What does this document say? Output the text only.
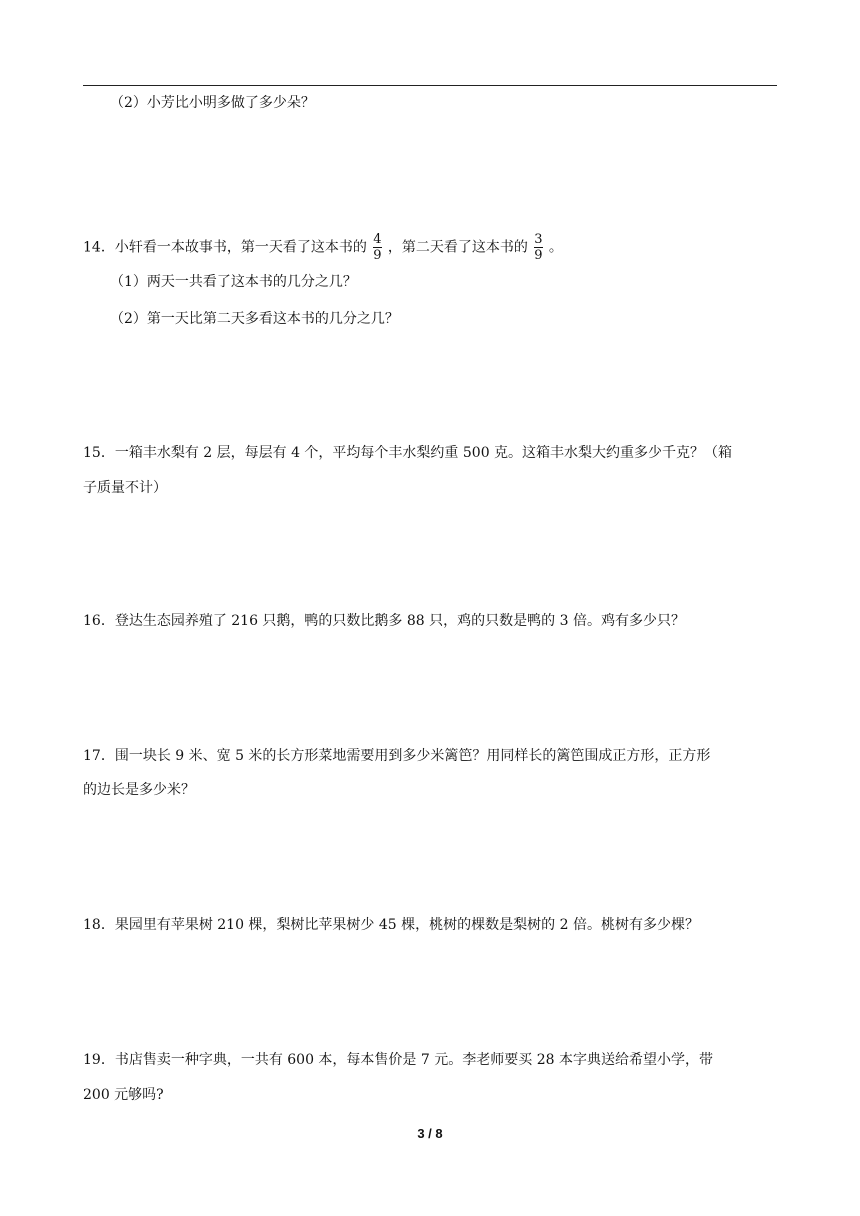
（2）小芳比小明多做了多少朵？
14．小轩看一本故事书，第一天看了这本书的 $\frac{4}{9}$ ，第二天看了这本书的 $\frac{3}{9}$ 。
（1）两天一共看了这本书的几分之几？
（2）第一天比第二天多看这本书的几分之几？
15．一箱丰水梨有 2 层，每层有 4 个，平均每个丰水梨约重 500 克。这箱丰水梨大约重多少千克？（箱
子质量不计）
16．登达生态园养殖了 216 只鹅，鸭的只数比鹅多 88 只，鸡的只数是鸭的 3 倍。鸡有多少只？
17．围一块长 9 米、宽 5 米的长方形菜地需要用到多少米篱笆？用同样长的篱笆围成正方形，正方形
的边长是多少米？
18．果园里有苹果树 210 棵，梨树比苹果树少 45 棵，桃树的棵数是梨树的 2 倍。桃树有多少棵？
19．书店售卖一种字典，一共有 600 本，每本售价是 7 元。李老师要买 28 本字典送给希望小学，带
200 元够吗?
3 / 8
